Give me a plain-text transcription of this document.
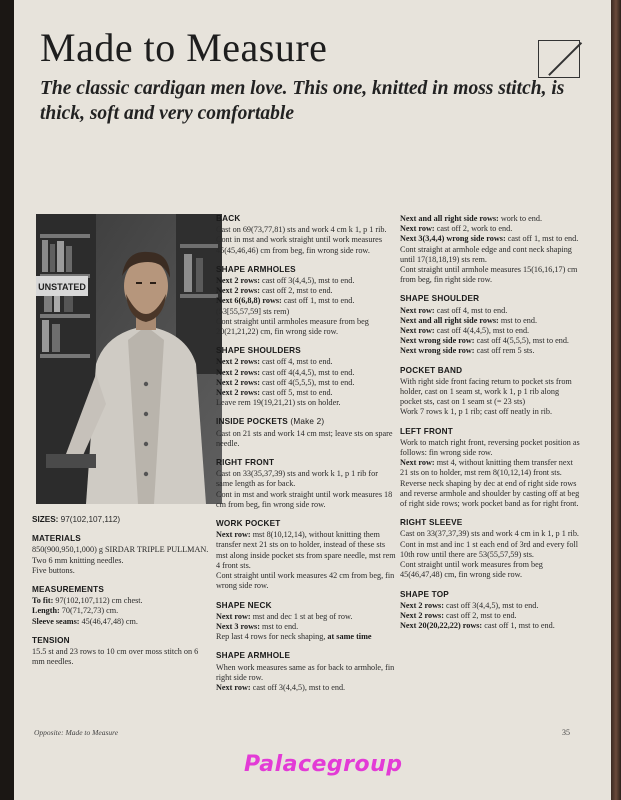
Made to Measure

The classic cardigan men love. This one, knitted in moss stitch, is thick, soft and very comfortable

UNSTATED

SIZES: 97(102,107,112)

MATERIALS

850(900,950,1,000) g SIRDAR TRIPLE PULLMAN.

Two 6 mm knitting needles.

Five buttons.

MEASUREMENTS

To fit: 97(102,107,112) cm chest.

Length: 70(71,72,73) cm.

Sleeve seams: 45(46,47,48) cm.

TENSION

15.5 st and 23 rows to 10 cm over moss stitch on 6 mm needles.

BACK

Cast on 69(73,77,81) sts and work 4 cm k 1, p 1 rib. Cont in mst and work straight until work measures 45(45,46,46) cm from beg, fin wrong side row.

SHAPE ARMHOLES

Next 2 rows: cast off 3(4,4,5), mst to end.

Next 2 rows: cast off 2, mst to end.

Next 6(6,8,8) rows: cast off 1, mst to end. (53[55,57,59] sts rem)

Cont straight until armholes measure from beg 20(21,21,22) cm, fin wrong side row.

SHAPE SHOULDERS

Next 2 rows: cast off 4, mst to end.

Next 2 rows: cast off 4(4,4,5), mst to end.

Next 2 rows: cast off 4(5,5,5), mst to end.

Next 2 rows: cast off 5, mst to end.

Leave rem 19(19,21,21) sts on holder.

INSIDE POCKETS (Make 2)

Cast on 21 sts and work 14 cm mst; leave sts on spare needle.

RIGHT FRONT

Cast on 33(35,37,39) sts and work k 1, p 1 rib for same length as for back.

Cont in mst and work straight until work measures 18 cm from beg, fin wrong side row.

WORK POCKET

Next row: mst 8(10,12,14), without knitting them transfer next 21 sts on to holder, instead of these sts mst along inside pocket sts from spare needle, mst rem 4 front sts.

Cont straight until work measures 42 cm from beg, fin wrong side row.

SHAPE NECK

Next row: mst and dec 1 st at beg of row.

Next 3 rows: mst to end.

Rep last 4 rows for neck shaping, at same time

SHAPE ARMHOLE

When work measures same as for back to armhole, fin right side row.

Next row: cast off 3(4,4,5), mst to end.

Next and all right side rows: work to end.

Next row: cast off 2, work to end.

Next 3(3,4,4) wrong side rows: cast off 1, mst to end.

Cont straight at armhole edge and cont neck shaping until 17(18,18,19) sts rem.

Cont straight until armhole measures 15(16,16,17) cm from beg, fin right side row.

SHAPE SHOULDER

Next row: cast off 4, mst to end.

Next and all right side rows: mst to end.

Next row: cast off 4(4,4,5), mst to end.

Next wrong side row: cast off 4(5,5,5), mst to end.

Next wrong side row: cast off rem 5 sts.

POCKET BAND

With right side front facing return to pocket sts from holder, cast on 1 seam st, work k 1, p 1 rib along pocket sts, cast on 1 seam st (= 23 sts)

Work 7 rows k 1, p 1 rib; cast off neatly in rib.

LEFT FRONT

Work to match right front, reversing pocket position as follows: fin wrong side row.

Next row: mst 4, without knitting them transfer next 21 sts on to holder, mst rem 8(10,12,14) front sts.

Reverse neck shaping by dec at end of right side rows and reverse armhole and shoulder by casting off at beg of right side rows; work pocket band as for right front.

RIGHT SLEEVE

Cast on 33(37,37,39) sts and work 4 cm in k 1, p 1 rib.

Cont in mst and inc 1 st each end of 3rd and every foll 10th row until there are 53(55,57,59) sts.

Cont straight until work measures from beg 45(46,47,48) cm, fin wrong side row.

SHAPE TOP

Next 2 rows: cast off 3(4,4,5), mst to end.

Next 2 rows: cast off 2, mst to end.

Next 20(20,22,22) rows: cast off 1, mst to end.

Opposite: Made to Measure	35
Palacegroup
